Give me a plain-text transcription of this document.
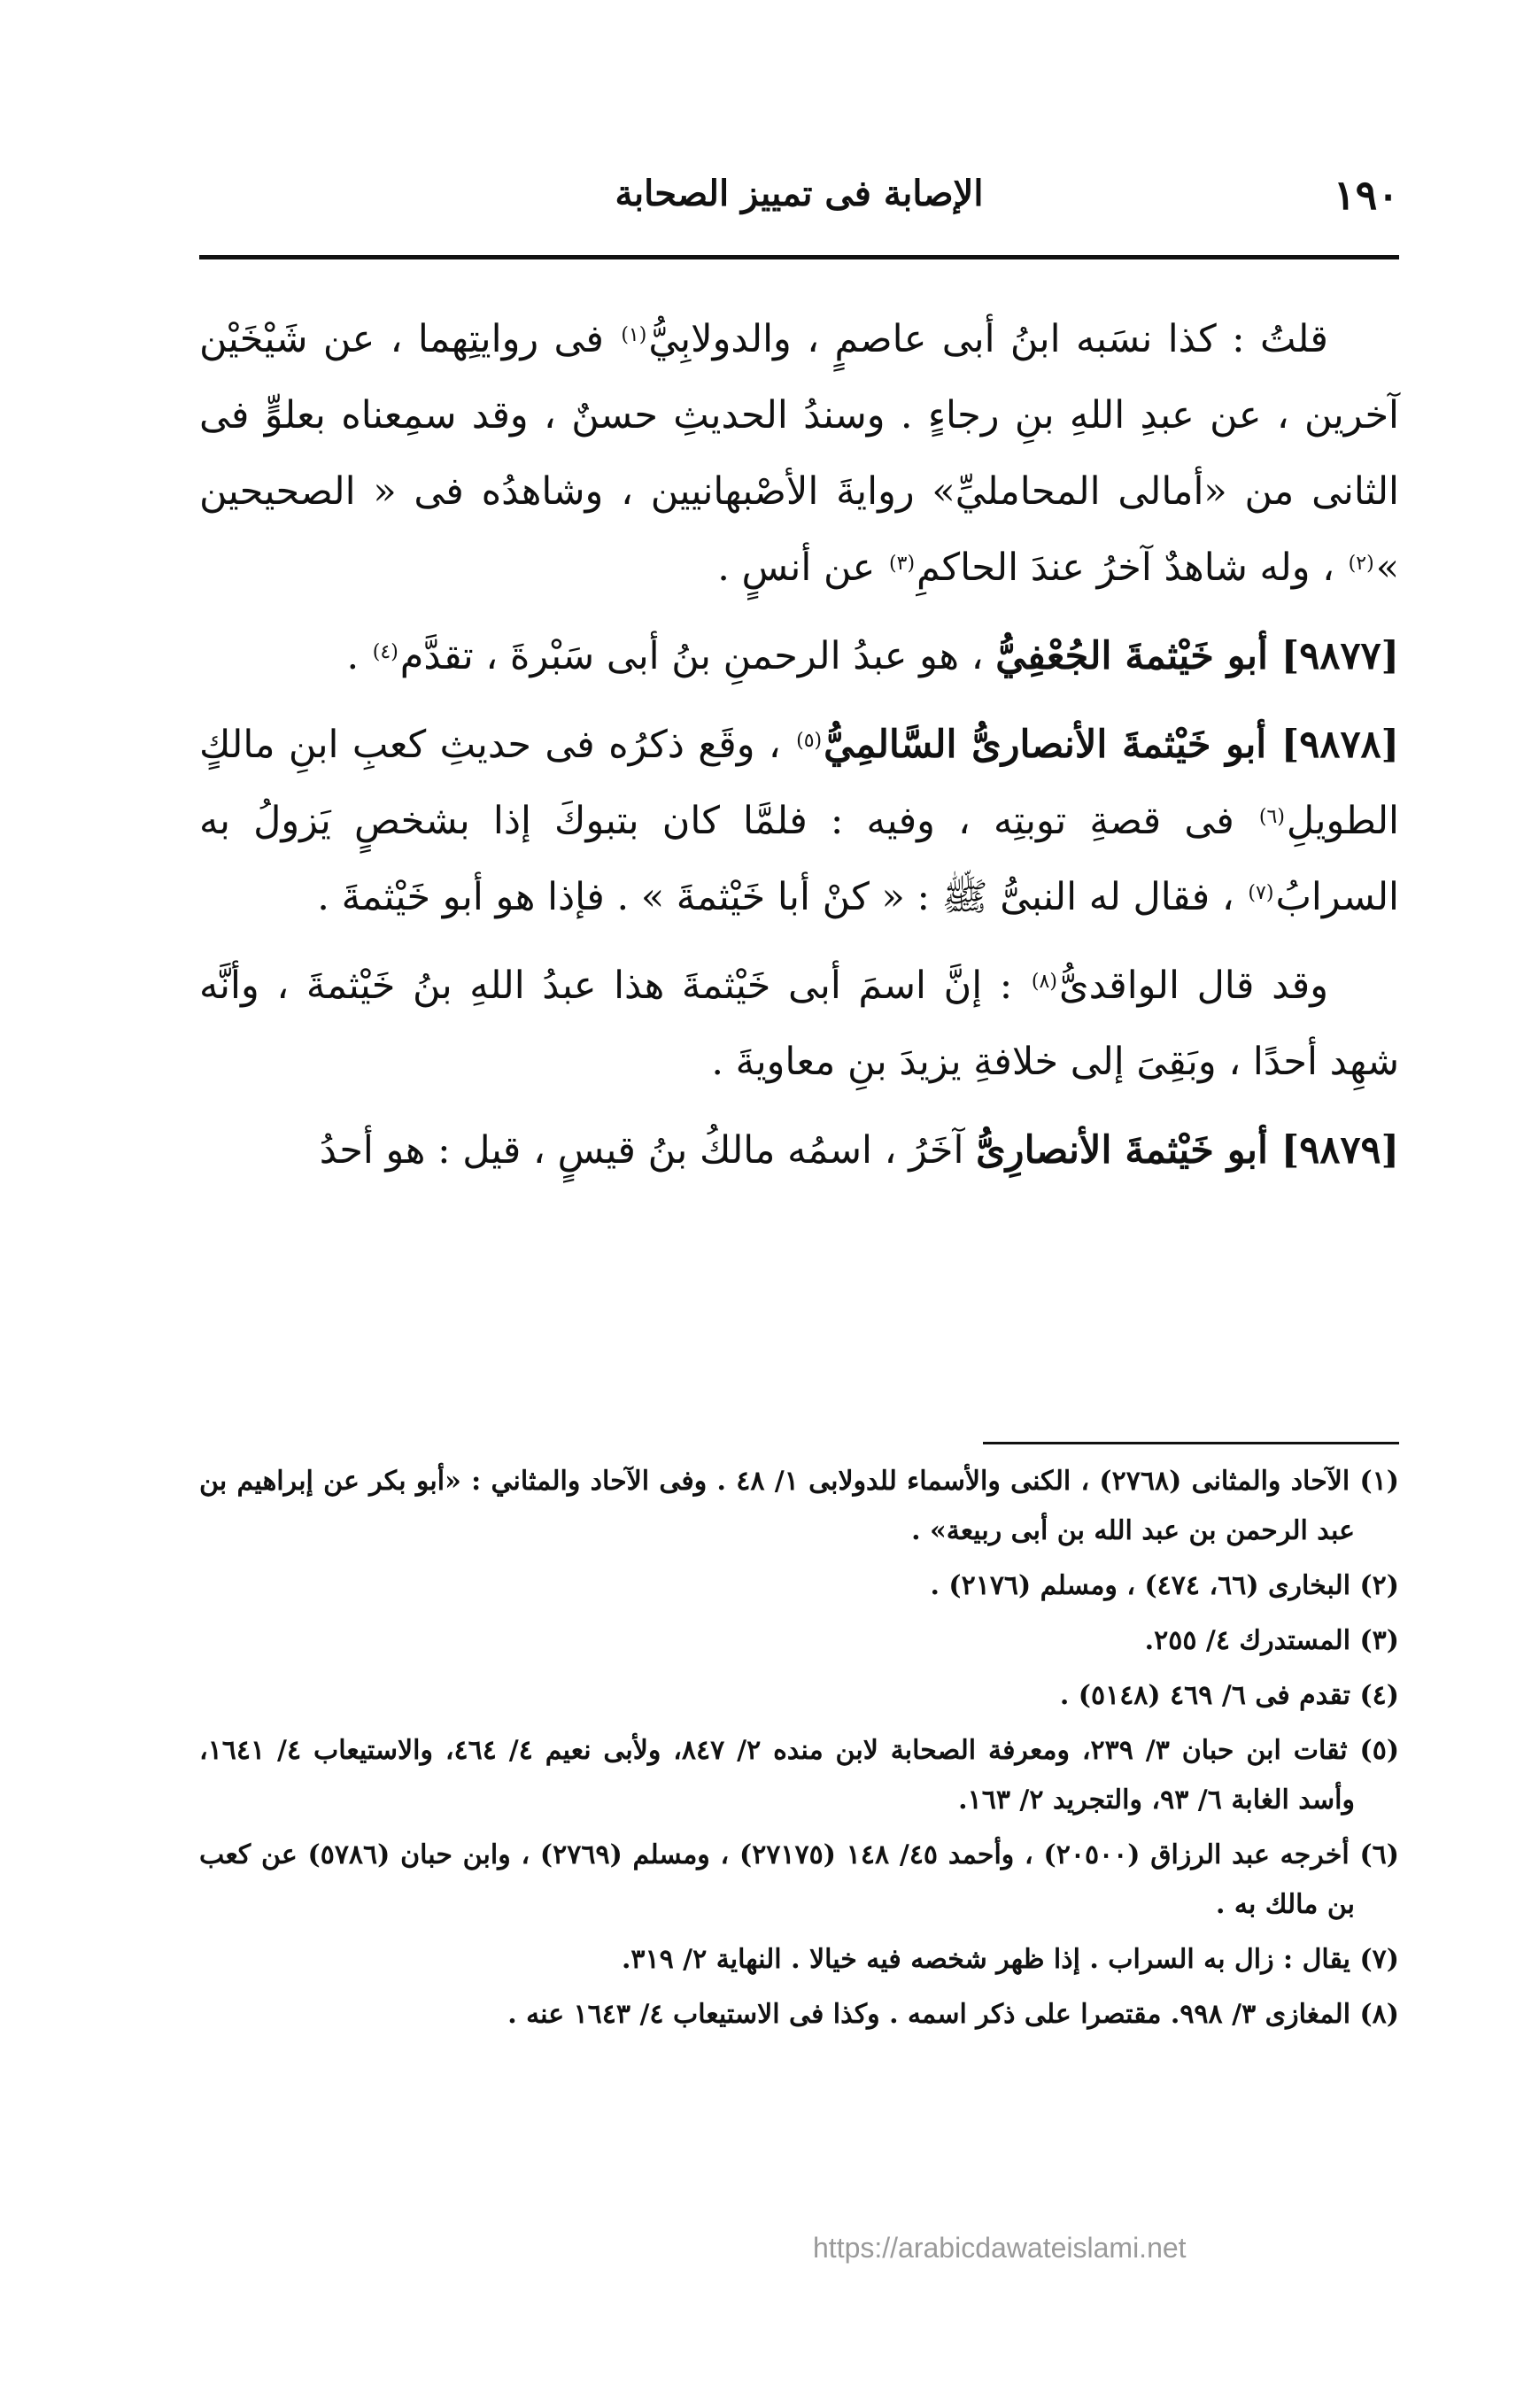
١٩٠
الإصابة فى تمييز الصحابة

قلتُ : كذا نسَبه ابنُ أبى عاصمٍ ، والدولابِيُّ$^{(١)}$ فى روايتِهما ، عن شَيْخَيْن آخرين ، عن عبدِ اللهِ بنِ رجاءٍ . وسندُ الحديثِ حسنٌ ، وقد سمِعناه بعلوٍّ فى الثانى من «أمالى المحامليِّ» روايةَ الأصْبهانيين ، وشاهدُه فى « الصحيحين »$^{(٢)}$ ، وله شاهدٌ آخرُ عندَ الحاكمِ$^{(٣)}$ عن أنسٍ .

[٩٨٧٧] أبو خَيْثمةَ الجُعْفِيُّ ، هو عبدُ الرحمنِ بنُ أبى سَبْرةَ ، تقدَّم$^{(٤)}$ .

[٩٨٧٨] أبو خَيْثمةَ الأنصارىُّ السَّالمِيُّ$^{(٥)}$ ، وقَع ذكرُه فى حديثِ كعبِ ابنِ مالكٍ الطويلِ$^{(٦)}$ فى قصةِ توبتِه ، وفيه : فلمَّا كان بتبوكَ إذا بشخصٍ يَزولُ به السرابُ$^{(٧)}$ ، فقال له النبىُّ ﷺ : « كنْ أبا خَيْثمةَ » . فإذا هو أبو خَيْثمةَ .

وقد قال الواقدىُّ$^{(٨)}$ : إنَّ اسمَ أبى خَيْثمةَ هذا عبدُ اللهِ بنُ خَيْثمةَ ، وأنَّه شهِد أحدًا ، وبَقِىَ إلى خلافةِ يزيدَ بنِ معاويةَ .

[٩٨٧٩] أبو خَيْثمةَ الأنصارِىُّ آخَرُ ، اسمُه مالكُ بنُ قيسٍ ، قيل : هو أحدُ

(١) الآحاد والمثانى (٢٧٦٨) ، الكنى والأسماء للدولابى ١/ ٤٨ . وفى الآحاد والمثاني : «أبو بكر عن إبراهيم بن عبد الرحمن بن عبد الله بن أبى ربيعة» .

(٢) البخارى (٦٦، ٤٧٤) ، ومسلم (٢١٧٦) .

(٣) المستدرك ٤/ ٢٥٥.

(٤) تقدم فى ٦/ ٤٦٩ (٥١٤٨) .

(٥) ثقات ابن حبان ٣/ ٢٣٩، ومعرفة الصحابة لابن منده ٢/ ٨٤٧، ولأبى نعيم ٤/ ٤٦٤، والاستيعاب ٤/ ١٦٤١، وأسد الغابة ٦/ ٩٣، والتجريد ٢/ ١٦٣.

(٦) أخرجه عبد الرزاق (٢٠٥٠٠) ، وأحمد ٤٥/ ١٤٨ (٢٧١٧٥) ، ومسلم (٢٧٦٩) ، وابن حبان (٥٧٨٦) عن كعب بن مالك به .

(٧) يقال : زال به السراب . إذا ظهر شخصه فيه خيالا . النهاية ٢/ ٣١٩.

(٨) المغازى ٣/ ٩٩٨. مقتصرا على ذكر اسمه . وكذا فى الاستيعاب ٤/ ١٦٤٣ عنه .

https://arabicdawateislami.net
